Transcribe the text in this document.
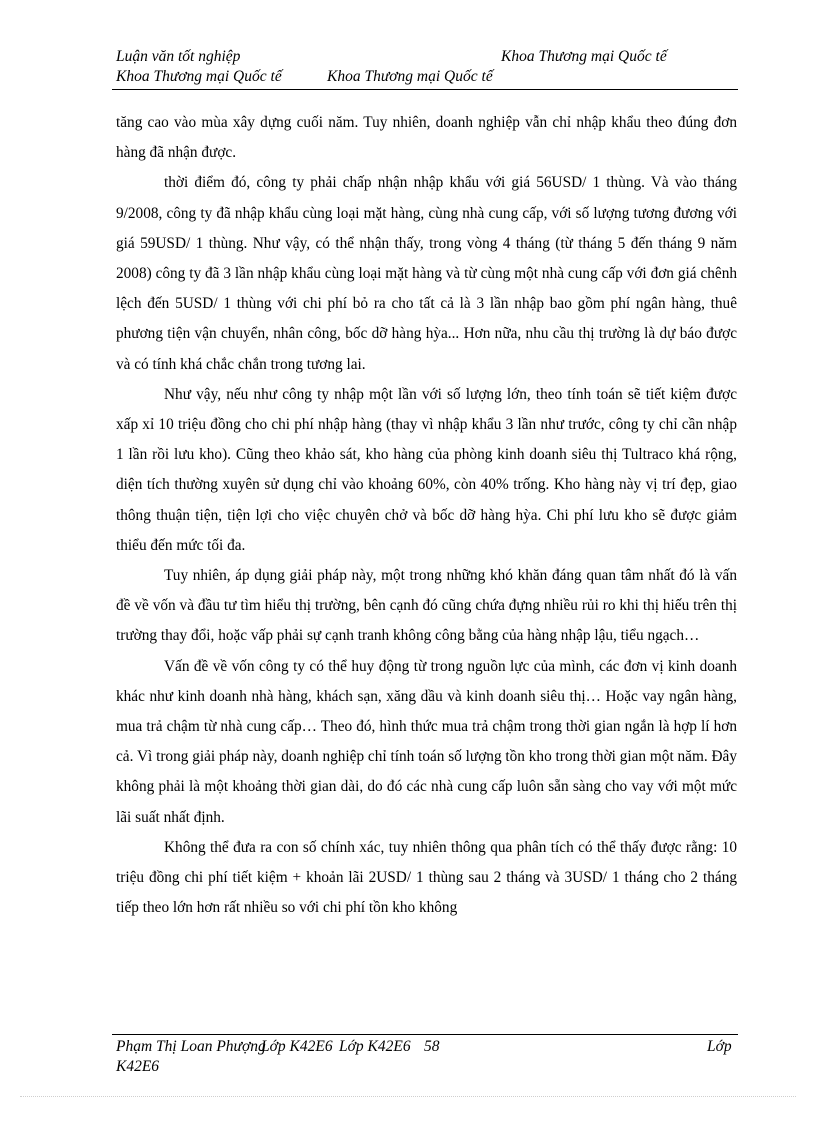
Luận văn tốt nghiệp	Khoa Thương mại Quốc tế
Khoa Thương mại Quốc tế	Khoa Thương mại Quốc tế

tăng cao vào mùa xây dựng cuối năm. Tuy nhiên, doanh nghiệp vẫn chỉ nhập khẩu theo đúng đơn hàng đã nhận được.

thời điểm đó, công ty phải chấp nhận nhập khẩu với giá 56USD/ 1 thùng. Và vào tháng 9/2008, công ty đã nhập khẩu cùng loại mặt hàng, cùng nhà cung cấp, với số lượng tương đương với giá 59USD/ 1 thùng. Như vậy, có thể nhận thấy, trong vòng 4 tháng (từ tháng 5 đến tháng 9 năm 2008) công ty đã 3 lần nhập khẩu cùng loại mặt hàng và từ cùng một nhà cung cấp với đơn giá chênh lệch đến 5USD/ 1 thùng với chi phí bỏ ra cho tất cả là 3 lần nhập bao gồm phí ngân hàng, thuê phương tiện vận chuyển, nhân công, bốc dỡ hàng hỳa... Hơn nữa, nhu cầu thị trường là dự báo được và có tính khá chắc chắn trong tương lai.

Như vậy, nếu như công ty nhập một lần với số lượng lớn, theo tính toán sẽ tiết kiệm được xấp xỉ 10 triệu đồng cho chi phí nhập hàng (thay vì nhập khẩu 3 lần như trước, công ty chỉ cần nhập 1 lần rồi lưu kho). Cũng theo khảo sát, kho hàng của phòng kinh doanh siêu thị Tultraco khá rộng, diện tích thường xuyên sử dụng chỉ vào khoảng 60%, còn 40% trống. Kho hàng này vị trí đẹp, giao thông thuận tiện, tiện lợi cho việc chuyên chở và bốc dỡ hàng hỳa. Chi phí lưu kho sẽ được giảm thiểu đến mức tối đa.

Tuy nhiên, áp dụng giải pháp này, một trong những khó khăn đáng quan tâm nhất đó là vấn đề về vốn và đầu tư tìm hiểu thị trường, bên cạnh đó cũng chứa đựng nhiều rủi ro khi thị hiếu trên thị trường thay đổi, hoặc vấp phải sự cạnh tranh không công bằng của hàng nhập lậu, tiểu ngạch…

Vấn đề về vốn công ty có thể huy động từ trong nguồn lực của mình, các đơn vị kinh doanh khác như kinh doanh nhà hàng, khách sạn, xăng dầu và kinh doanh siêu thị… Hoặc vay ngân hàng, mua trả chậm từ nhà cung cấp… Theo đó, hình thức mua trả chậm trong thời gian ngắn là hợp lí hơn cả. Vì trong giải pháp này, doanh nghiệp chỉ tính toán số lượng tồn kho trong thời gian một năm. Đây không phải là một khoảng thời gian dài, do đó các nhà cung cấp luôn sẵn sàng cho vay với một mức lãi suất nhất định.

Không thể đưa ra con số chính xác, tuy nhiên thông qua phân tích có thể thấy được rằng: 10 triệu đồng chi phí tiết kiệm + khoản lãi 2USD/ 1 thùng sau 2 tháng và 3USD/ 1 tháng cho 2 tháng tiếp theo lớn hơn rất nhiều so với chi phí tồn kho không

Phạm Thị Loan Phượng
Lớp K42E6 Lớp K42E6 58	Lớp
K42E6
